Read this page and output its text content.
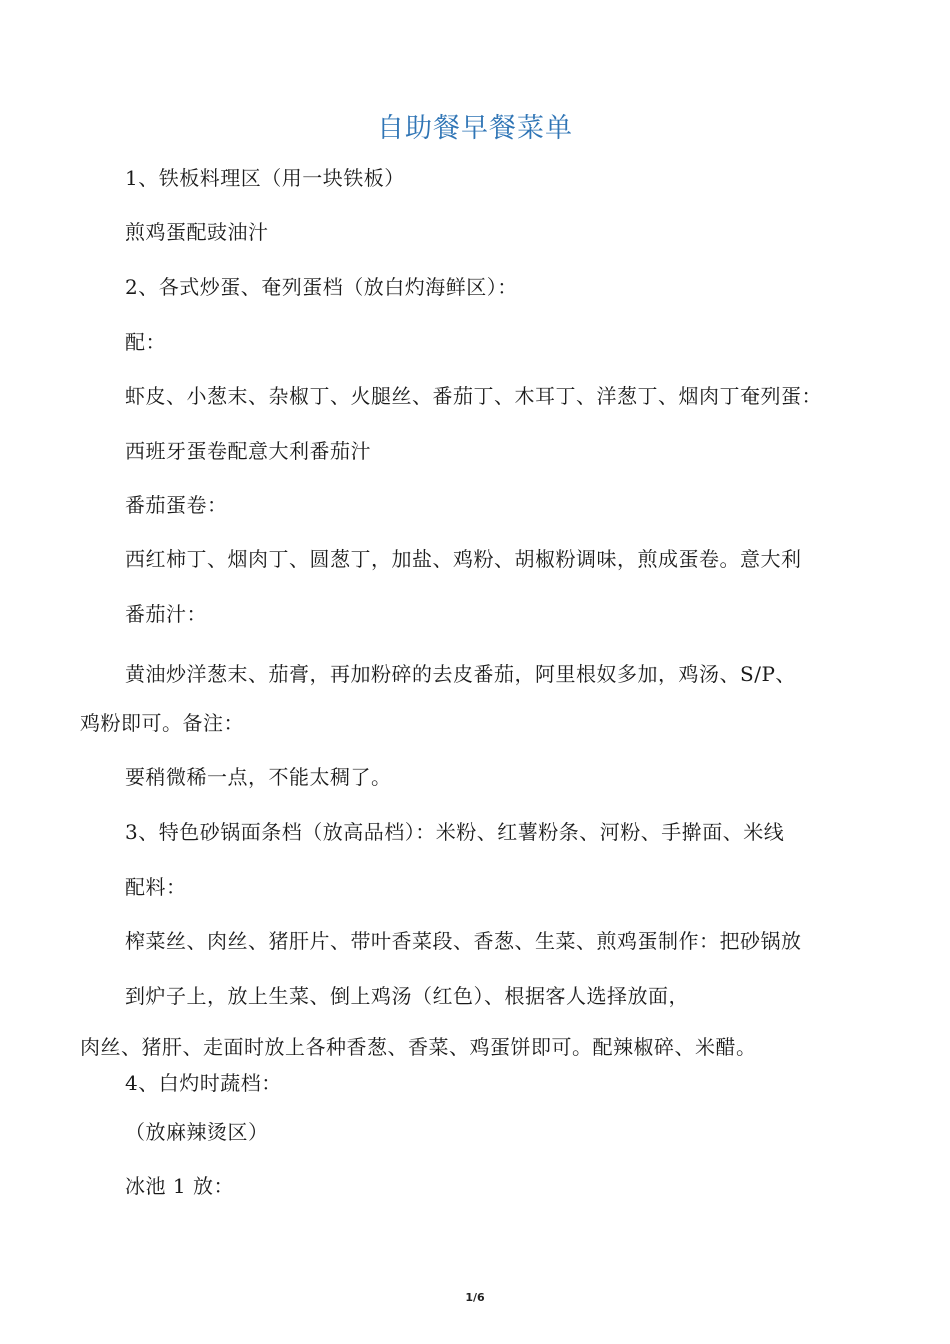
自助餐早餐菜单
1、铁板料理区（用一块铁板）
煎鸡蛋配豉油汁
2、各式炒蛋、奄列蛋档（放白灼海鲜区）：
配：
虾皮、小葱末、杂椒丁、火腿丝、番茄丁、木耳丁、洋葱丁、烟肉丁奄列蛋：
西班牙蛋卷配意大利番茄汁
番茄蛋卷：
西红柿丁、烟肉丁、圆葱丁，加盐、鸡粉、胡椒粉调味，煎成蛋卷。意大利
番茄汁：
黄油炒洋葱末、茄膏，再加粉碎的去皮番茄，阿里根奴多加，鸡汤、S/P、
鸡粉即可。备注：
要稍微稀一点，不能太稠了。
3、特色砂锅面条档（放高品档）：米粉、红薯粉条、河粉、手擀面、米线
配料：
榨菜丝、肉丝、猪肝片、带叶香菜段、香葱、生菜、煎鸡蛋制作：把砂锅放
到炉子上，放上生菜、倒上鸡汤（红色）、根据客人选择放面，
肉丝、猪肝、走面时放上各种香葱、香菜、鸡蛋饼即可。配辣椒碎、米醋。
4、白灼时蔬档：
（放麻辣烫区）
冰池 1 放：
1/6
